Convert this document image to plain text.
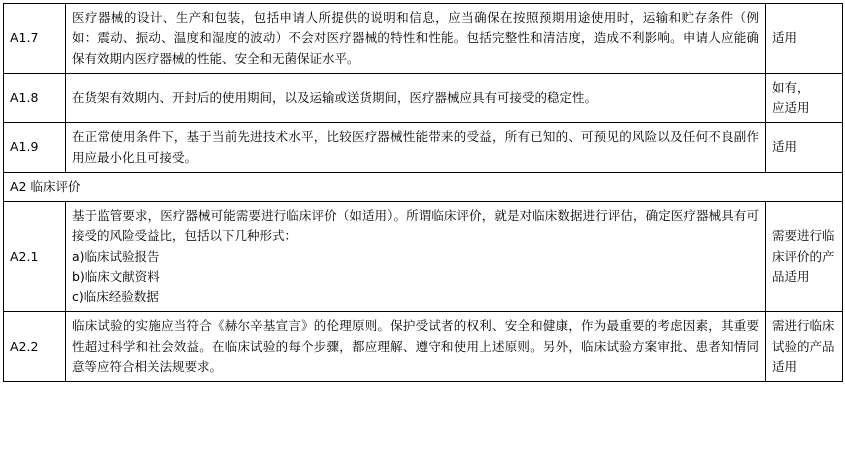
A1.7	医疗器械的设计、生产和包装，包括申请人所提供的说明和信息，应当确保在按照预期用途使用时，运输和贮存条件（例如：震动、振动、温度和湿度的波动）不会对医疗器械的特性和性能。包括完整性和清洁度，造成不利影响。申请人应能确保有效期内医疗器械的性能、安全和无菌保证水平。	适用
A1.8	在货架有效期内、开封后的使用期间，以及运输或送货期间，医疗器械应具有可接受的稳定性。	如有，
应适用

A1.9	在正常使用条件下，基于当前先进技术水平，比较医疗器械性能带来的受益，所有已知的、可预见的风险以及任何不良副作用应最小化且可接受。	适用
A2 临床评价		
A2.1	基于监管要求，医疗器械可能需要进行临床评价（如适用）。所谓临床评价，就是对临床数据进行评估，确定医疗器械具有可接受的风险受益比，包括以下几种形式：
a)临床试验报告
b)临床文献资料
c)临床经验数据	需要进行临床评价的产品适用
A2.2	临床试验的实施应当符合《赫尔辛基宣言》的伦理原则。保护受试者的权利、安全和健康，作为最重要的考虑因素，其重要性超过科学和社会效益。在临床试验的每个步骤，都应理解、遵守和使用上述原则。另外，临床试验方案审批、患者知情同意等应符合相关法规要求。	需进行临床试验的产品适用
